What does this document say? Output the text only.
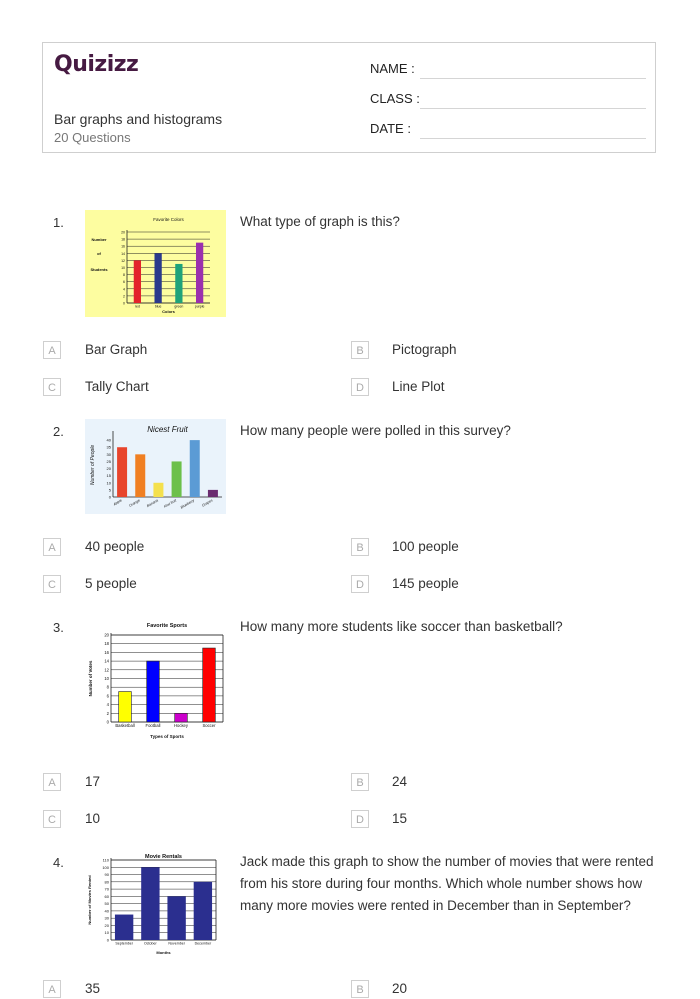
Quizizz
Bar graphs and histograms
20 Questions
NAME :
CLASS :
DATE :
1.	Favorite Colors
20
18
16
14
12
10
8
6
4
2
0
red	blue	green	purple
Colors
Number
of
Students
What type of graph is this?
A	Bar Graph	B	Pictograph
C	Tally Chart	D	Line Plot
2.	Nicest Fruit
40
35
30
25
20
15
10
5
0
Apple Orange Banana Kiwi fruit Blueberry Grapes
Number of People
How many people were polled in this survey?
A	40 people	B	100 people
C	5 people	D	145 people
3.	Favorite Sports
20
18
16
14
12
10
8
6
4
2
0
Basketball	Football	Hockey	Soccer
Types of Sports
Number of Votes
How many more students like soccer than basketball?
A	17	B	24
C	10	D	15
4.	Movie Rentals
110
100
90
80
70
60
50
40
30
20
10
0
September	October	November	December
Months
Number of Movies Rented
Jack made this graph to show the number of movies that were rented from his store during four months. Which whole number shows how many more movies were rented in December than in September?
A	35	B	20
